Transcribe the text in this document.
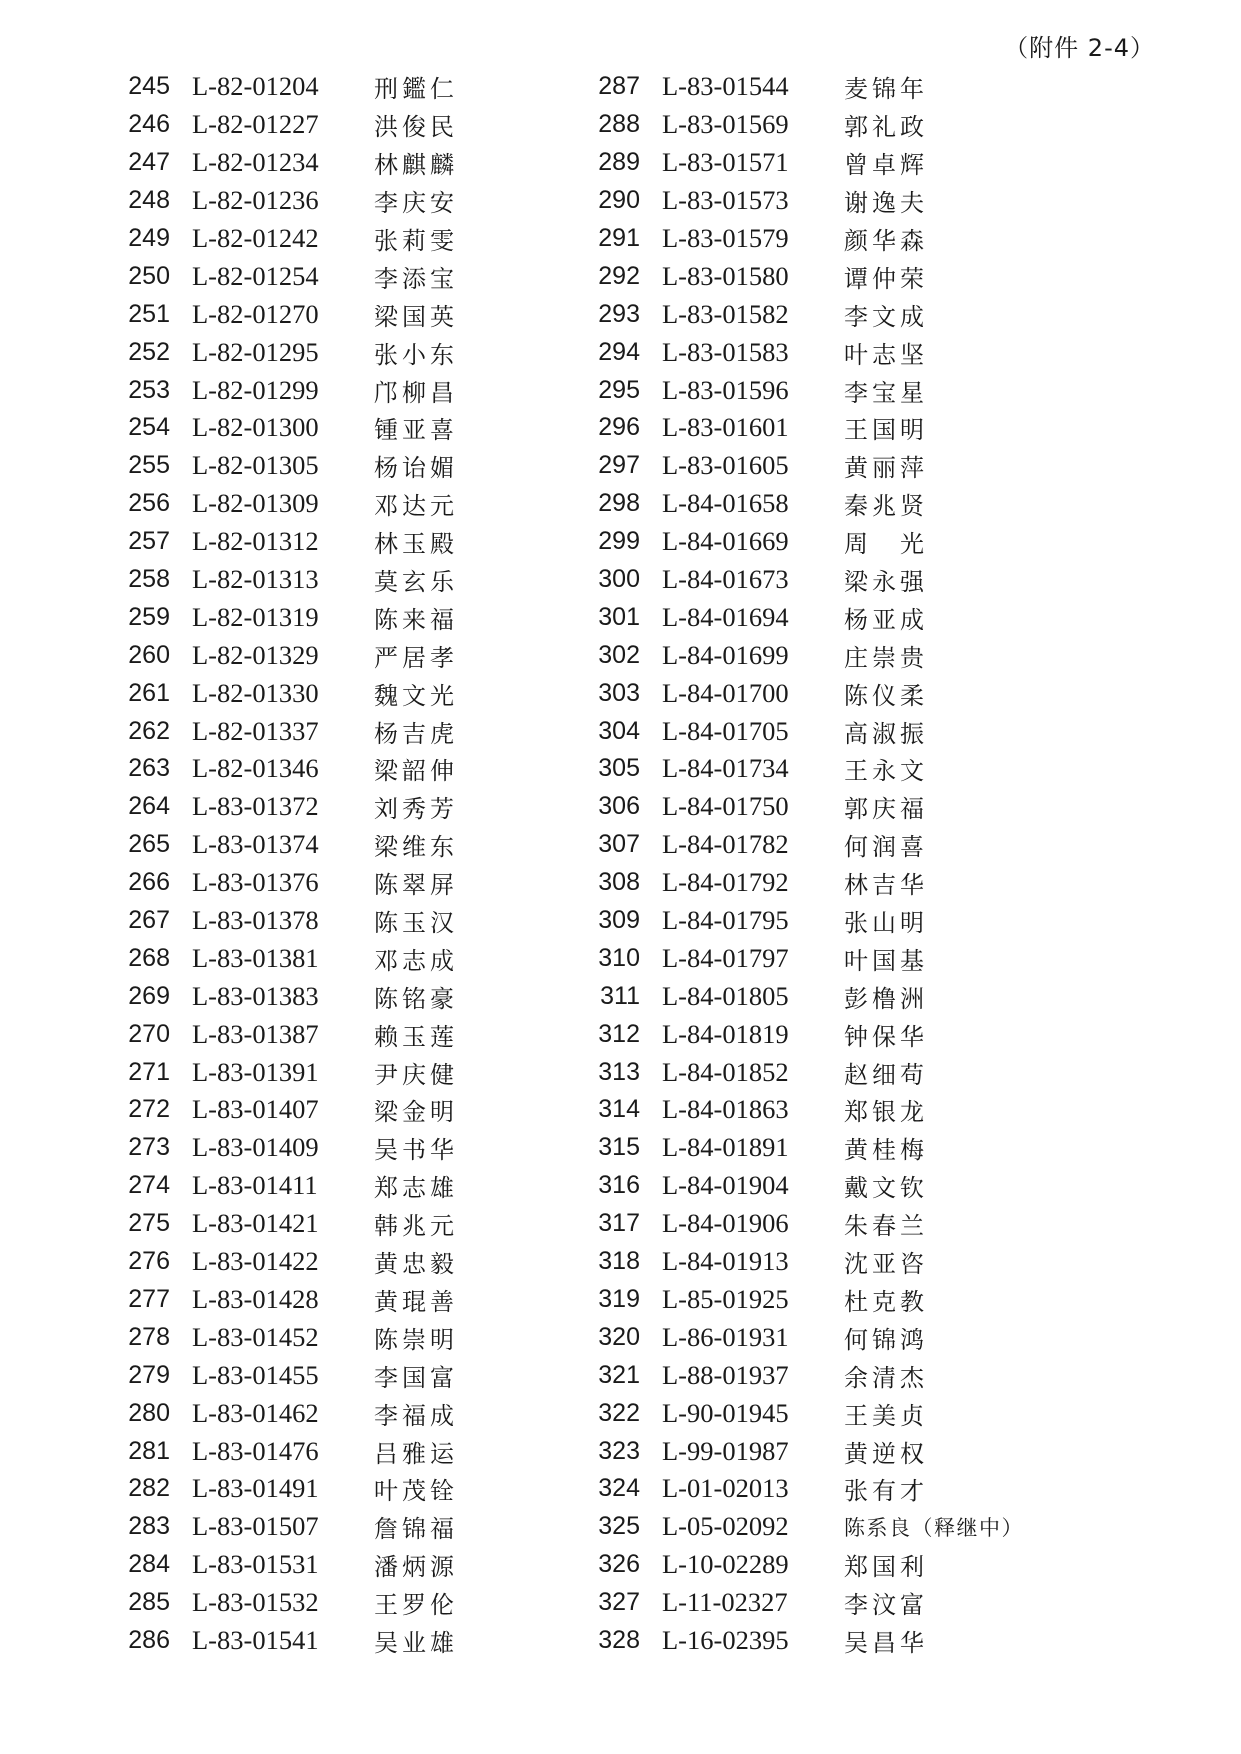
（附件 2-4）
245 L-82-01204	刑鑑仁
246 L-82-01227	洪俊民
247 L-82-01234	林麒麟
248 L-82-01236	李庆安
249 L-82-01242	张莉雯
250 L-82-01254	李添宝
251 L-82-01270	梁国英
252 L-82-01295	张小东
253 L-82-01299	邝柳昌
254 L-82-01300	锺亚喜
255 L-82-01305	杨诒媚
256 L-82-01309	邓达元
257 L-82-01312	林玉殿
258 L-82-01313	莫玄乐
259 L-82-01319	陈来福
260 L-82-01329	严居孝
261 L-82-01330	魏文光
262 L-82-01337	杨吉虎
263 L-82-01346	梁韶伸
264 L-83-01372	刘秀芳
265 L-83-01374	梁维东
266 L-83-01376	陈翠屏
267 L-83-01378	陈玉汉
268 L-83-01381	邓志成
269 L-83-01383	陈铭豪
270 L-83-01387	赖玉莲
271 L-83-01391	尹庆健
272 L-83-01407	梁金明
273 L-83-01409	吴书华
274 L-83-01411	郑志雄
275 L-83-01421	韩兆元
276 L-83-01422	黄忠毅
277 L-83-01428	黄琨善
278 L-83-01452	陈崇明
279 L-83-01455	李国富
280 L-83-01462	李福成
281 L-83-01476	吕雅运
282 L-83-01491	叶茂铨
283 L-83-01507	詹锦福
284 L-83-01531	潘炳源
285 L-83-01532	王罗伦
286 L-83-01541	吴业雄
287 L-83-01544	麦锦年
288 L-83-01569	郭礼政
289 L-83-01571	曾卓辉
290 L-83-01573	谢逸夫
291 L-83-01579	颜华森
292 L-83-01580	谭仲荣
293 L-83-01582	李文成
294 L-83-01583	叶志坚
295 L-83-01596	李宝星
296 L-83-01601	王国明
297 L-83-01605	黄丽萍
298 L-84-01658	秦兆贤
299 L-84-01669	周　光
300 L-84-01673	梁永强
301 L-84-01694	杨亚成
302 L-84-01699	庄崇贵
303 L-84-01700	陈仪柔
304 L-84-01705	高淑振
305 L-84-01734	王永文
306 L-84-01750	郭庆福
307 L-84-01782	何润喜
308 L-84-01792	林吉华
309 L-84-01795	张山明
310 L-84-01797	叶国基
311 L-84-01805	彭橹洲
312 L-84-01819	钟保华
313 L-84-01852	赵细苟
314 L-84-01863	郑银龙
315 L-84-01891	黄桂梅
316 L-84-01904	戴文钦
317 L-84-01906	朱春兰
318 L-84-01913	沈亚咨
319 L-85-01925	杜克教
320 L-86-01931	何锦鸿
321 L-88-01937	余清杰
322 L-90-01945	王美贞
323 L-99-01987	黄逆权
324 L-01-02013	张有才
325 L-05-02092	陈系良（释继中）
326 L-10-02289	郑国利
327 L-11-02327	李汶富
328 L-16-02395	吴昌华
